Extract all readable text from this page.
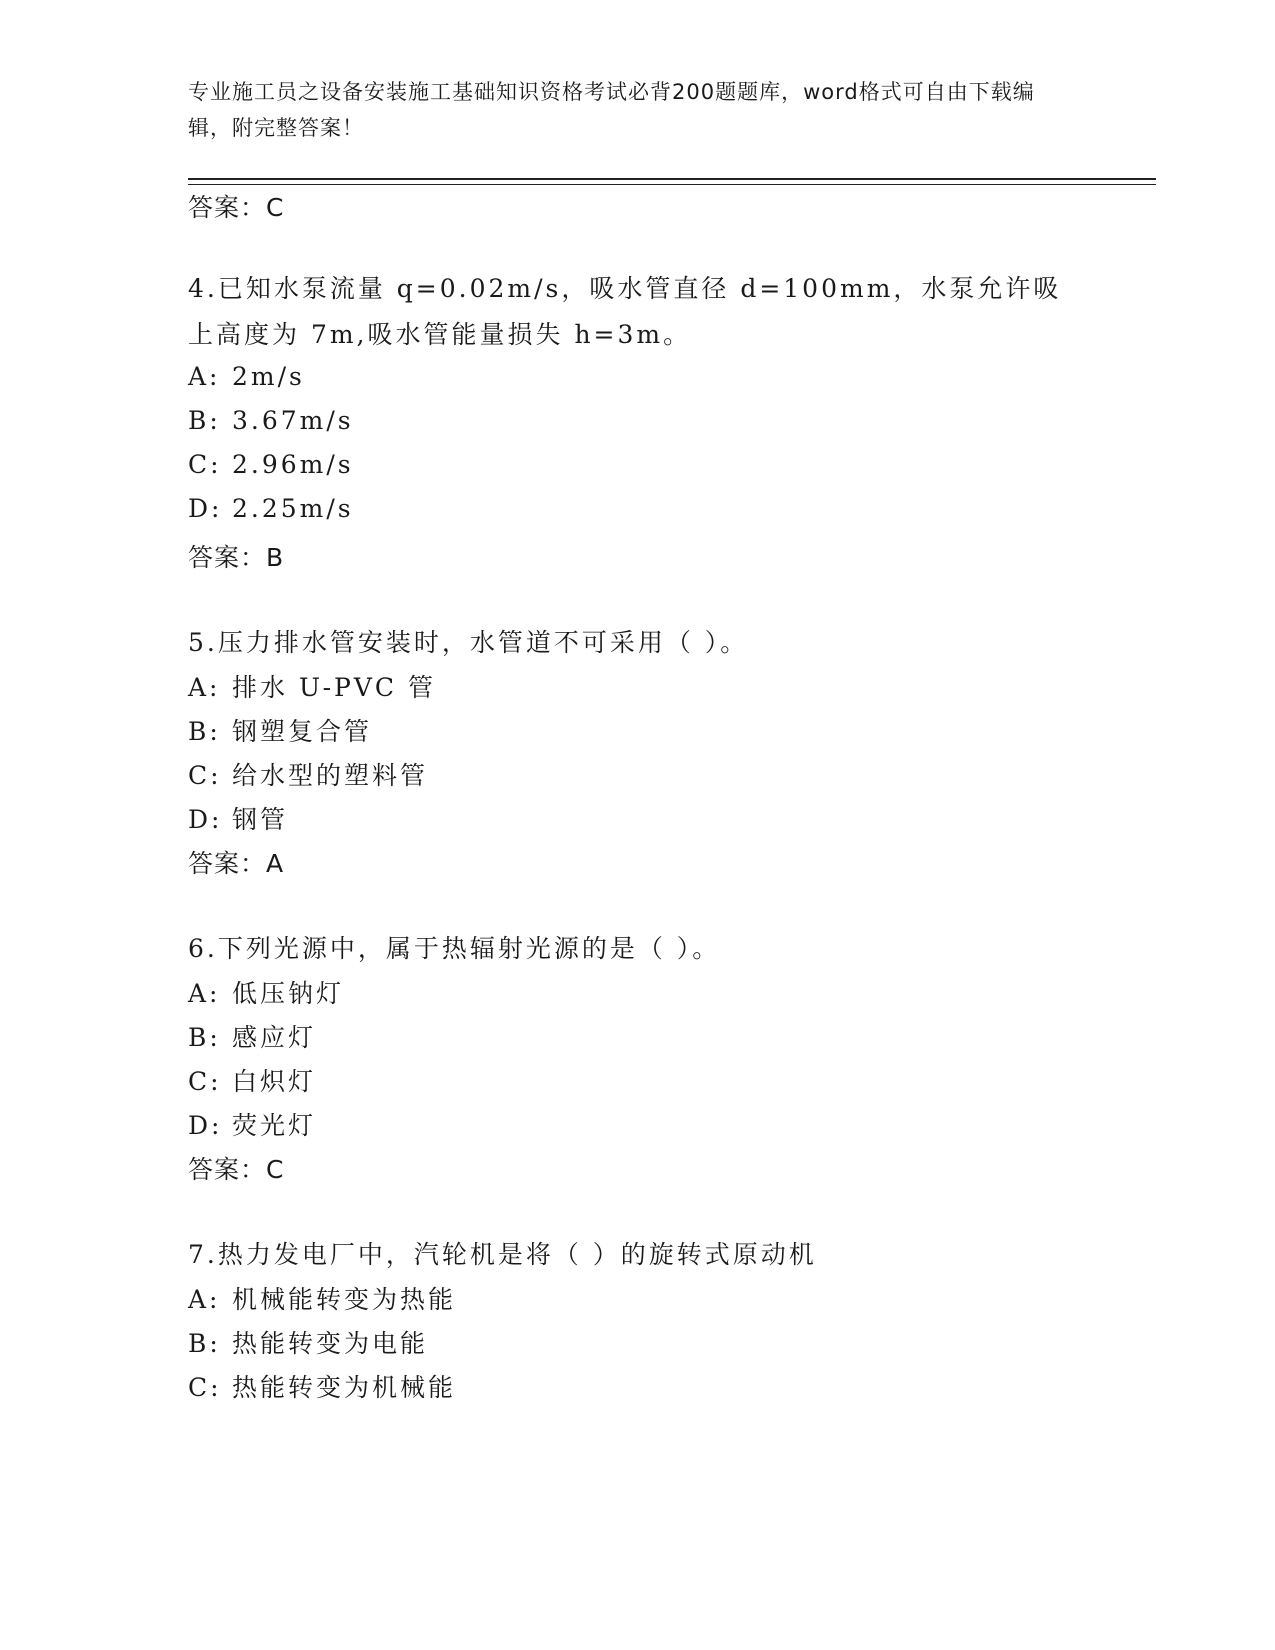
专业施工员之设备安装施工基础知识资格考试必背200题题库，word格式可自由下载编辑，附完整答案！
答案：C
4.已知水泵流量 q=0.02m/s，吸水管直径 d=100mm，水泵允许吸上高度为 7m,吸水管能量损失 h=3m。
A: 2m/s
B: 3.67m/s
C: 2.96m/s
D: 2.25m/s
答案：B
5.压力排水管安装时，水管道不可采用（ ）。
A: 排水 U-PVC 管
B: 钢塑复合管
C: 给水型的塑料管
D: 钢管
答案：A
6.下列光源中，属于热辐射光源的是（ ）。
A: 低压钠灯
B: 感应灯
C: 白炽灯
D: 荧光灯
答案：C
7.热力发电厂中，汽轮机是将（ ）的旋转式原动机
A: 机械能转变为热能
B: 热能转变为电能
C: 热能转变为机械能
